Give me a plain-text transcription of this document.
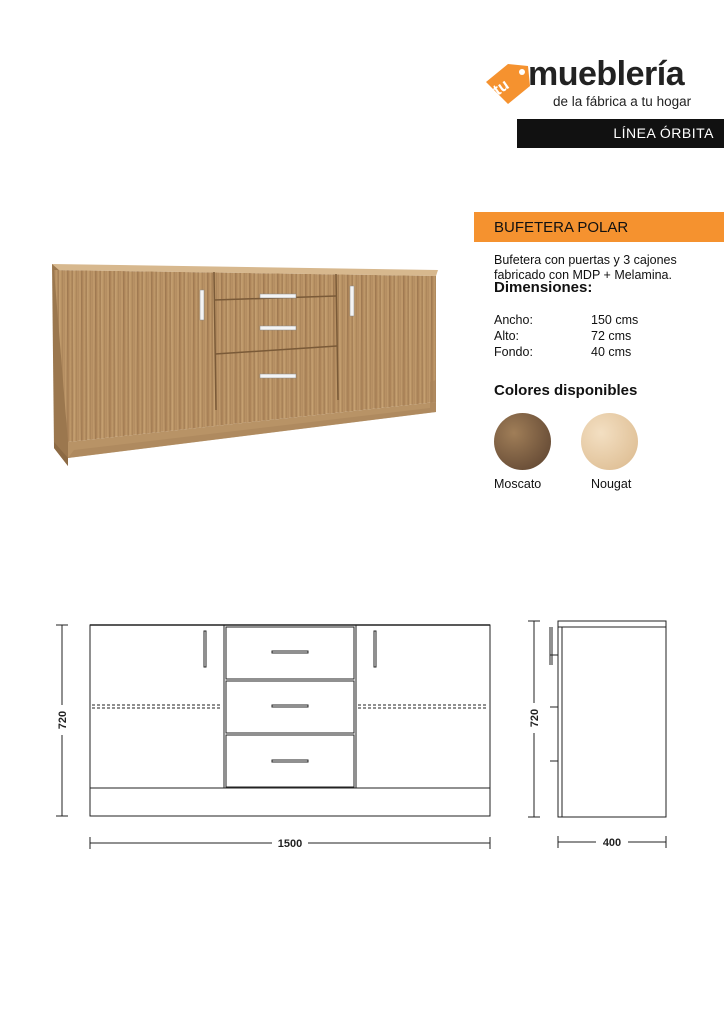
tu mueblería
de la fábrica a tu hogar
LÍNEA ÓRBITA
BUFETERA POLAR
Bufetera con puertas y 3 cajones
fabricado con MDP + Melamina.
Dimensiones:
Ancho:	150 cms
Alto:	72 cms
Fondo:	40 cms
Colores disponibles
Moscato	Nougat
720
1500
720
400
